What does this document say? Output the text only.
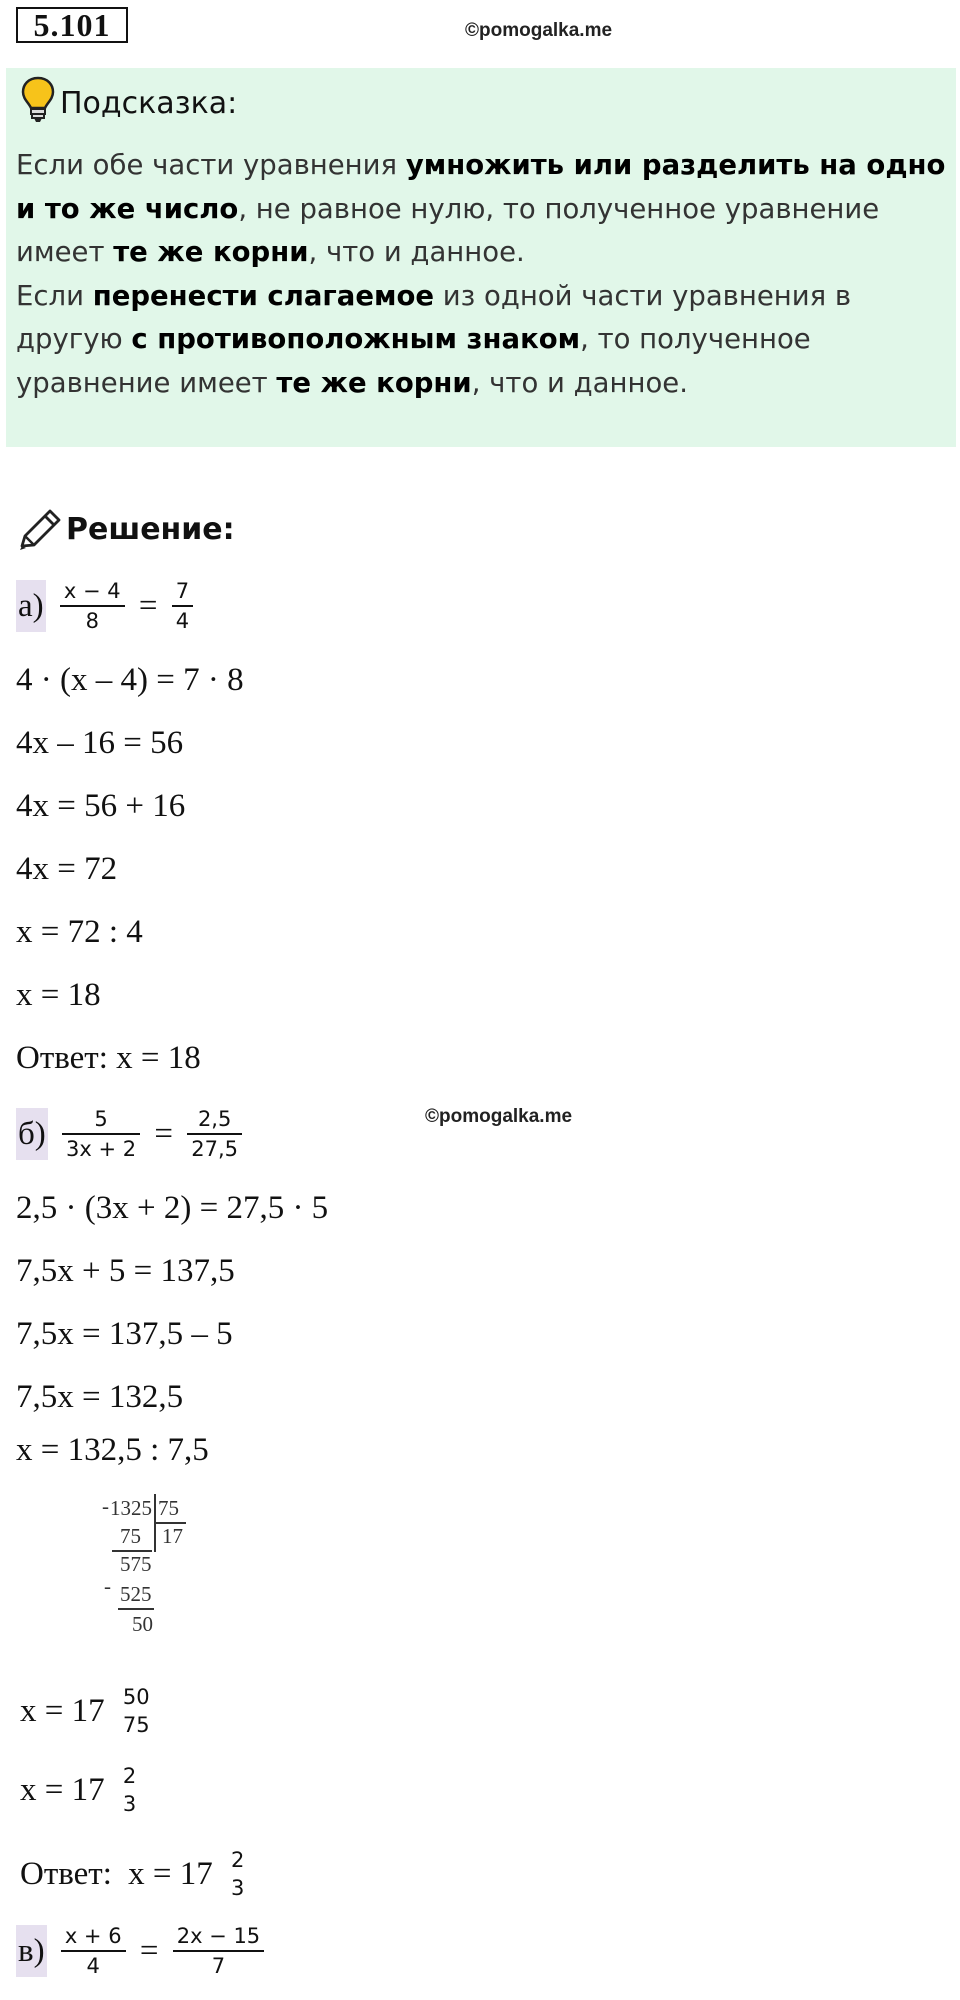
5.101	©pomogalka.me
Подсказка:
Если обе части уравнения умножить или разделить на одно и то же число, не равное нулю, то полученное уравнение имеет те же корни, что и данное.
Если перенести слагаемое из одной части уравнения в другую с противоположным знаком, то полученное уравнение имеет те же корни, что и данное.
Решение:
$а) \frac{x - 4}{8} = \frac{7}{4}$
4 · (x – 4) = 7 · 8
4x – 16 = 56
4x = 56 + 16
4x = 72
x = 72 : 4
x = 18
Ответ: x = 18
©pomogalka.me
$б) \frac{5}{3x + 2} = \frac{2,5}{27,5}$
2,5 · (3x + 2) = 27,5 · 5
7,5x + 5 = 137,5
7,5x = 137,5 – 5
7,5x = 132,5
x = 132,5 : 7,5
- 1325 75
17
75
575
- 525
50
x = 17 50
75
x = 17 2
3
Ответ: x = 17 2
3
$в) \frac{x + 6}{4} = \frac{2x - 15}{7}$
